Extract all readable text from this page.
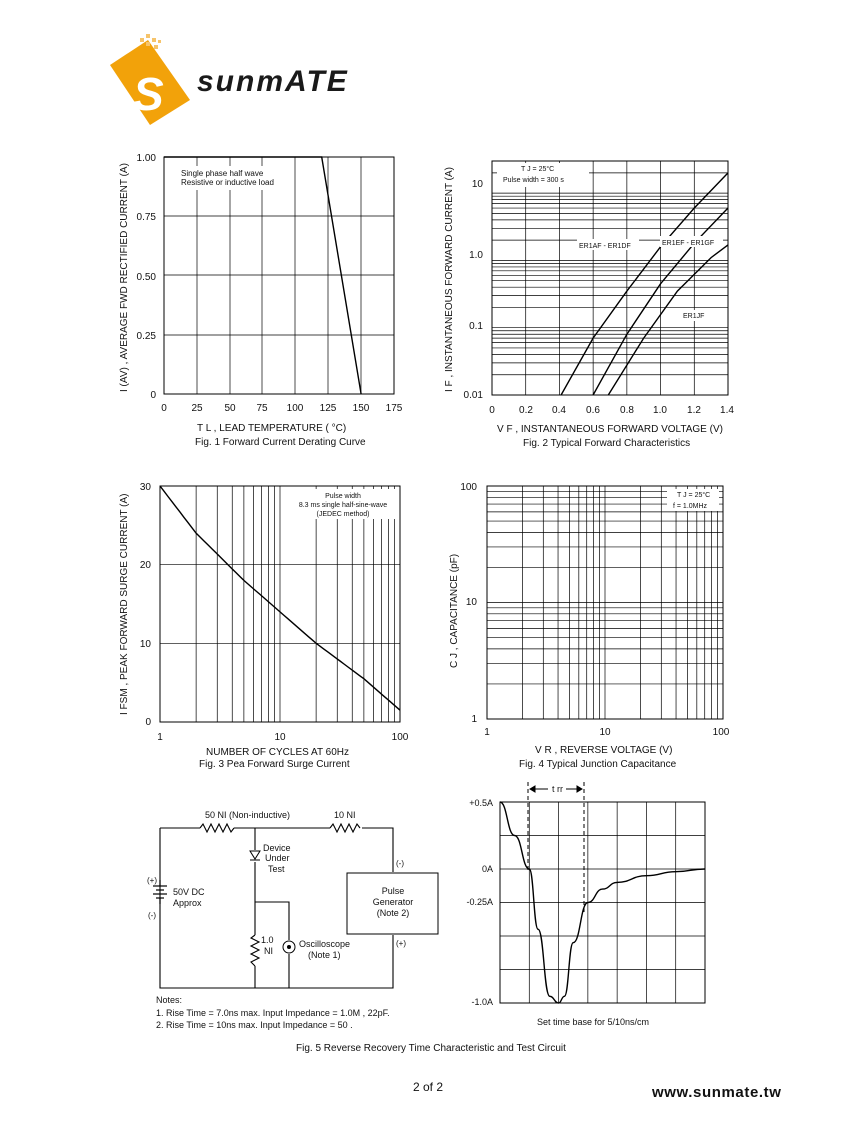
S sunmATE
Single phase half wave
Resistive or inductive load
1.00
0.75
0.50
0.25
0
0 25 50 75 100 125 150 175
T L , LEAD TEMPERATURE ( °C)
Fig. 1 Forward Current Derating Curve
I (AV) , AVERAGE FWD RECTIFIED CURRENT (A)	T J = 25°C
Pulse width = 300 s
ER1AF - ER1DF	ER1EF - ER1GF
ER1JF
10
1.0
0.1
0.01
0 0.2 0.4 0.6 0.8 1.0 1.2 1.4
V F , INSTANTANEOUS FORWARD VOLTAGE (V)
Fig. 2 Typical Forward Characteristics
I F , INSTANTANEOUS FORWARD CURRENT (A)
Pulse width
8.3 ms single half-sine-wave
(JEDEC method)
30
20
10
0
1	10	100
NUMBER OF CYCLES AT 60Hz
Fig. 3 Pea Forward Surge Current
I FSM , PEAK FORWARD SURGE CURRENT (A)	T J = 25°C
f = 1.0MHz
100
10
1
1	10	100
V R , REVERSE VOLTAGE (V)
Fig. 4 Typical Junction Capacitance
C J , CAPACITANCE (pF)
50 NI (Non-inductive)	10 NI
Device
Under
Test
(+)
50V DC
Approx
(-)
(-)
Pulse
Generator
(Note 2)
(+)
1.0
NI
Oscilloscope
(Note 1)
Notes:
1. Rise Time = 7.0ns max. Input Impedance = 1.0M , 22pF.
2. Rise Time = 10ns max. Input Impedance = 50 .
t rr
+0.5A
0A
-0.25A
-1.0A
Set time base for 5/10ns/cm
Fig. 5 Reverse Recovery Time Characteristic and Test Circuit
2 of 2	www.sunmate.tw
